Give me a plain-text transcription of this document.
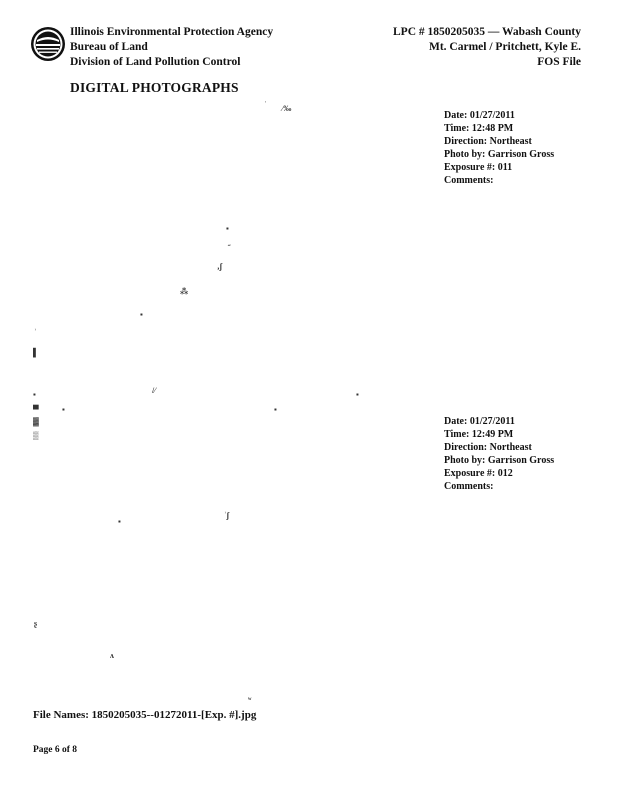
Illinois Environmental Protection Agency
Bureau of Land
Division of Land Pollution Control
LPC # 1850205035 — Wabash County
Mt. Carmel / Pritchett, Kyle E.
FOS File
DIGITAL PHOTOGRAPHS
ˈ ⁄‰
▪
˶
‚ʃ
⁂
▪
˒
▌
▪	/⁄	▪
Date: 01/27/2011
Time: 12:48 PM
Direction: Northeast
Photo by: Garrison Gross
Exposure #: 011
Comments:
▀	▪	▪
▓
▒
ʾʃ
▪
ʂ
ʌ
ʷ
Date: 01/27/2011
Time: 12:49 PM
Direction: Northeast
Photo by: Garrison Gross
Exposure #: 012
Comments:
File Names: 1850205035--01272011-[Exp. #].jpg
Page 6 of 8
